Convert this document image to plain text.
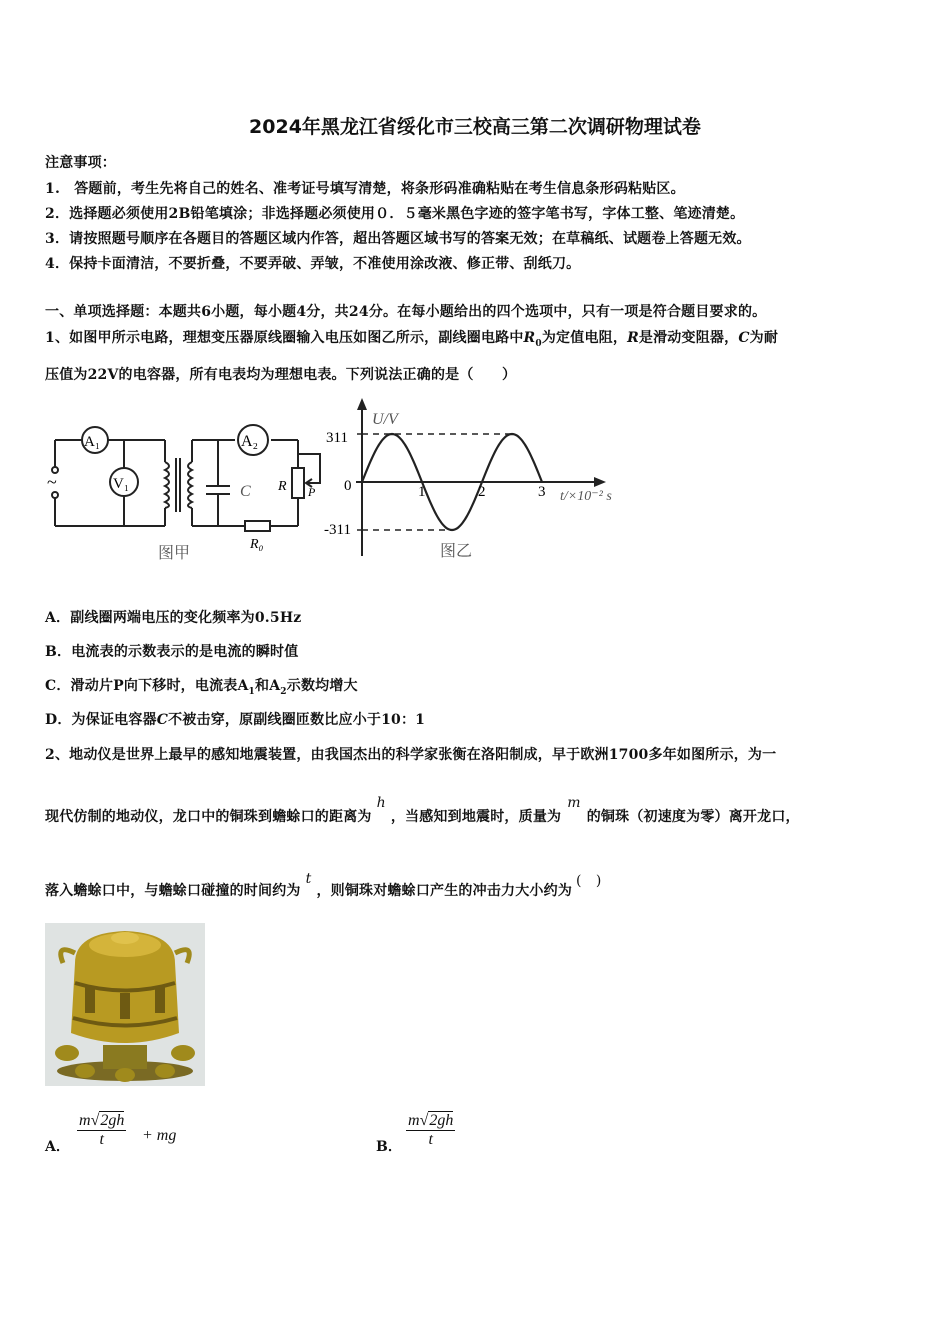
2024年黑龙江省绥化市三校高三第二次调研物理试卷
注意事项：
1.　答题前，考生先将自己的姓名、准考证号填写清楚，将条形码准确粘贴在考生信息条形码粘贴区。
2．选择题必须使用2B铅笔填涂；非选择题必须使用０．５毫米黑色字迹的签字笔书写，字体工整、笔迹清楚。
3．请按照题号顺序在各题目的答题区域内作答，超出答题区域书写的答案无效；在草稿纸、试题卷上答题无效。
4．保持卡面清洁，不要折叠，不要弄破、弄皱，不准使用涂改液、修正带、刮纸刀。
一、单项选择题：本题共6小题，每小题4分，共24分。在每小题给出的四个选项中，只有一项是符合题目要求的。
1、如图甲所示电路，理想变压器原线圈输入电压如图乙所示，副线圈电路中$R_0$为定值电阻，R是滑动变阻器，C为耐
压值为22V的电容器，所有电表均为理想电表。下列说法正确的是（　　）
A₁
V₁
A₂
~	C R P
R₀
图甲
1	2	3
U/V
311
0
-311
t/×10⁻² s
图乙
A．副线圈两端电压的变化频率为0.5Hz
B．电流表的示数表示的是电流的瞬时值
C．滑动片P向下移时，电流表$A_1$和$A_2$示数均增大
D．为保证电容器C不被击穿，原副线圈匝数比应小于10：1
2、地动仪是世界上最早的感知地震装置，由我国杰出的科学家张衡在洛阳制成，早于欧洲1700多年如图所示，为一
现代仿制的地动仪，龙口中的铜珠到蟾蜍口的距离为h，当感知到地震时，质量为m的铜珠（初速度为零）离开龙口，
落入蟾蜍口中，与蟾蜍口碰撞的时间约为t，则铜珠对蟾蜍口产生的冲击力大小约为(　)
A． $\frac{m√2gh}{t}$ + mg
B． $\frac{m√2gh}{t}$
